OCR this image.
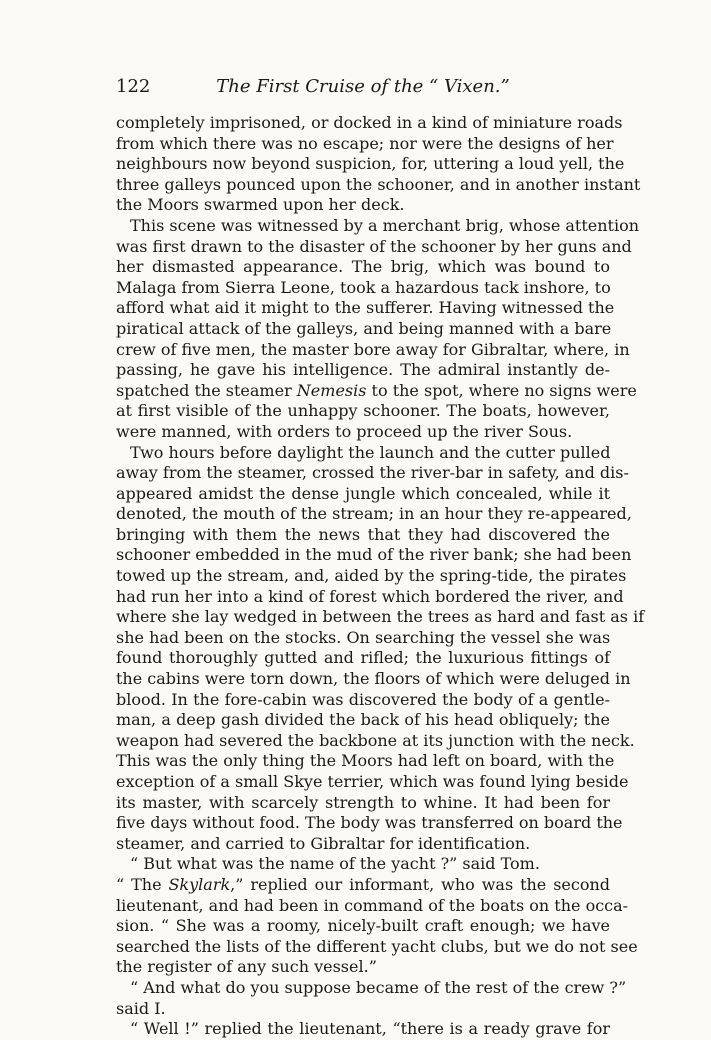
122	The First Cruise of the “ Vixen.”
completely imprisoned, or docked in a kind of miniature roads
from which there was no escape; nor were the designs of her
neighbours now beyond suspicion, for, uttering a loud yell, the
three galleys pounced upon the schooner, and in another instant
the Moors swarmed upon her deck.
This scene was witnessed by a merchant brig, whose attention
was first drawn to the disaster of the schooner by her guns and
her dismasted appearance. The brig, which was bound to
Malaga from Sierra Leone, took a hazardous tack inshore, to
afford what aid it might to the sufferer. Having witnessed the
piratical attack of the galleys, and being manned with a bare
crew of five men, the master bore away for Gibraltar, where, in
passing, he gave his intelligence. The admiral instantly de-
spatched the steamer Nemesis to the spot, where no signs were
at first visible of the unhappy schooner. The boats, however,
were manned, with orders to proceed up the river Sous.
Two hours before daylight the launch and the cutter pulled
away from the steamer, crossed the river-bar in safety, and dis-
appeared amidst the dense jungle which concealed, while it
denoted, the mouth of the stream; in an hour they re-appeared,
bringing with them the news that they had discovered the
schooner embedded in the mud of the river bank; she had been
towed up the stream, and, aided by the spring-tide, the pirates
had run her into a kind of forest which bordered the river, and
where she lay wedged in between the trees as hard and fast as if
she had been on the stocks. On searching the vessel she was
found thoroughly gutted and rifled; the luxurious fittings of
the cabins were torn down, the floors of which were deluged in
blood. In the fore-cabin was discovered the body of a gentle-
man, a deep gash divided the back of his head obliquely; the
weapon had severed the backbone at its junction with the neck.
This was the only thing the Moors had left on board, with the
exception of a small Skye terrier, which was found lying beside
its master, with scarcely strength to whine. It had been for
five days without food. The body was transferred on board the
steamer, and carried to Gibraltar for identification.
“ But what was the name of the yacht ?” said Tom.
“ The Skylark,” replied our informant, who was the second
lieutenant, and had been in command of the boats on the occa-
sion. “ She was a roomy, nicely-built craft enough; we have
searched the lists of the different yacht clubs, but we do not see
the register of any such vessel.”
“ And what do you suppose became of the rest of the crew ?”
said I.
“ Well !” replied the lieutenant, “there is a ready grave for
